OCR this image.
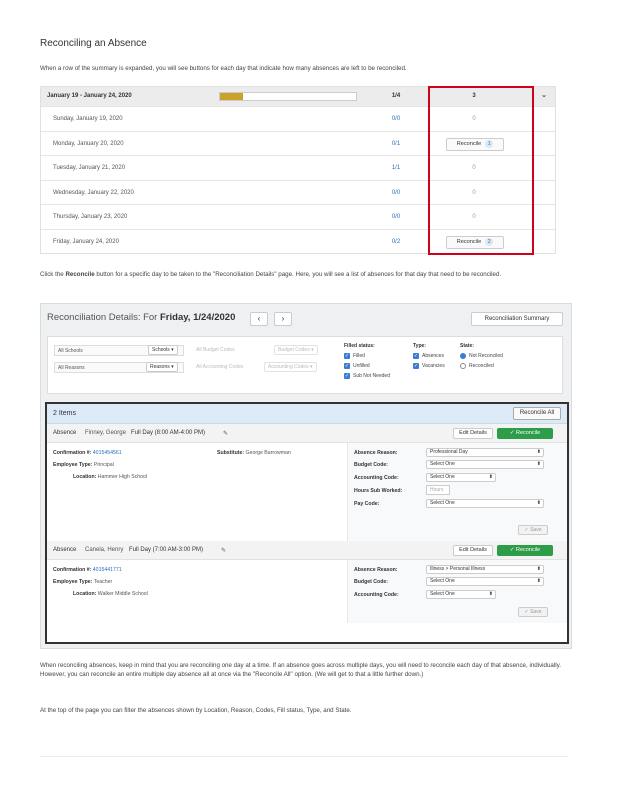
Reconciling an Absence
When a row of the summary is expanded, you will see buttons for each day that indicate how many absences are left to be reconciled.
January 19 - January 24, 2020	1/4	3	⌄
Sunday, January 19, 2020	0/0	0
Monday, January 20, 2020	0/1	Reconcile	1
Tuesday, January 21, 2020	1/1	0
Wednesday, January 22, 2020	0/0	0
Thursday, January 23, 2020	0/0	0
Friday, January 24, 2020	0/2	Reconcile	2
Click the Reconcile button for a specific day to be taken to the "Reconciliation Details" page. Here, you will see a list of absences for that day that need to be reconciled.
Reconciliation Details: For Friday, 1/24/2020	‹	›	Reconciliation Summary
All Schools	Schools ▾
All Reasons	Reasons ▾
All Budget Codes	Budget Codes ▾
All Accounting Codes	Accounting Codes ▾
Filled status:
✓ Filled
✓ Unfilled
✓ Sub Not Needed
Type:
✓ Absences
✓ Vacancies
State:
Not Reconciled
Reconciled
2 Items	Reconcile All
Absence Finney, George Full Day (8:00 AM-4:00 PM)	✎	Edit Details	✓ Reconcile
Confirmation #: 4015454561
Employee Type: Principal
Location: Hammer High School
Substitute: George Barrowman	Absence Reason:	Professional Day ⬍
Budget Code:	Select One ⬍
Accounting Code:	Select One ⬍
Hours Sub Worked:	Hours
Pay Code:	Select One ⬍
✓ Save
Absence Canela, Henry Full Day (7:00 AM-3:00 PM)	✎	Edit Details	✓ Reconcile
Confirmation #: 4015441771
Employee Type: Teacher
Location: Walker Middle School
Absence Reason:	Illness > Personal Illness ⬍
Budget Code:	Select One ⬍
Accounting Code:	Select One ⬍
✓ Save
When reconciling absences, keep in mind that you are reconciling one day at a time. If an absence goes across multiple days, you will need to reconcile each day of that absence, individually. However, you can reconcile an entire multiple day absence all at once via the "Reconcile All" option. (We will get to that a little further down.)
At the top of the page you can filter the absences shown by Location, Reason, Codes, Fill status, Type, and State.
